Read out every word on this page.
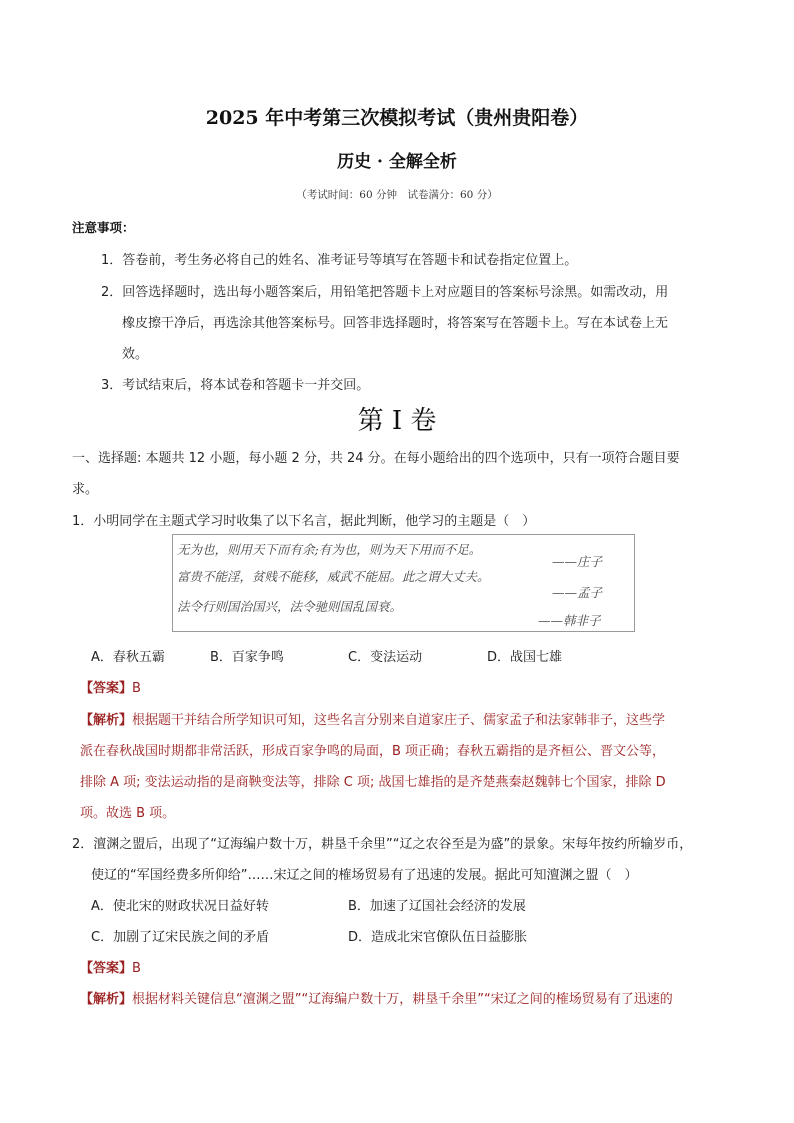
2025 年中考第三次模拟考试（贵州贵阳卷）
历史 · 全解全析
（考试时间：60 分钟　试卷满分：60 分）
注意事项：
1．答卷前，考生务必将自己的姓名、准考证号等填写在答题卡和试卷指定位置上。
2．回答选择题时，选出每小题答案后，用铅笔把答题卡上对应题目的答案标号涂黑。如需改动，用
橡皮擦干净后，再选涂其他答案标号。回答非选择题时，将答案写在答题卡上。写在本试卷上无
效。
3．考试结束后，将本试卷和答题卡一并交回。
第 I 卷
一、选择题: 本题共 12 小题，每小题 2 分，共 24 分。在每小题给出的四个选项中，只有一项符合题目要
求。
1．小明同学在主题式学习时收集了以下名言，据此判断，他学习的主题是（　）
无为也，则用天下而有余;有为也，则为天下用而不足。
——庄子
富贵不能淫，贫贱不能移，威武不能屈。此之谓大丈夫。
——孟子
法令行则国治国兴，法令驰则国乱国衰。
——韩非子
A．春秋五霸	B．百家争鸣	C．变法运动	D．战国七雄
【答案】B
【解析】根据题干并结合所学知识可知，这些名言分别来自道家庄子、儒家孟子和法家韩非子，这些学
派在春秋战国时期都非常活跃，形成百家争鸣的局面，B 项正确；春秋五霸指的是齐桓公、晋文公等，
排除 A 项; 变法运动指的是商鞅变法等，排除 C 项; 战国七雄指的是齐楚燕秦赵魏韩七个国家，排除 D
项。故选 B 项。
2．澶渊之盟后，出现了“辽海编户数十万，耕垦千余里”“辽之农谷至是为盛”的景象。宋每年按约所输岁币，
使辽的“军国经费多所仰给”……宋辽之间的榷场贸易有了迅速的发展。据此可知澶渊之盟（　）
A．使北宋的财政状况日益好转	B．加速了辽国社会经济的发展
C．加剧了辽宋民族之间的矛盾	D．造成北宋官僚队伍日益膨胀
【答案】B
【解析】根据材料关键信息“澶渊之盟”“辽海编户数十万，耕垦千余里”“宋辽之间的榷场贸易有了迅速的
